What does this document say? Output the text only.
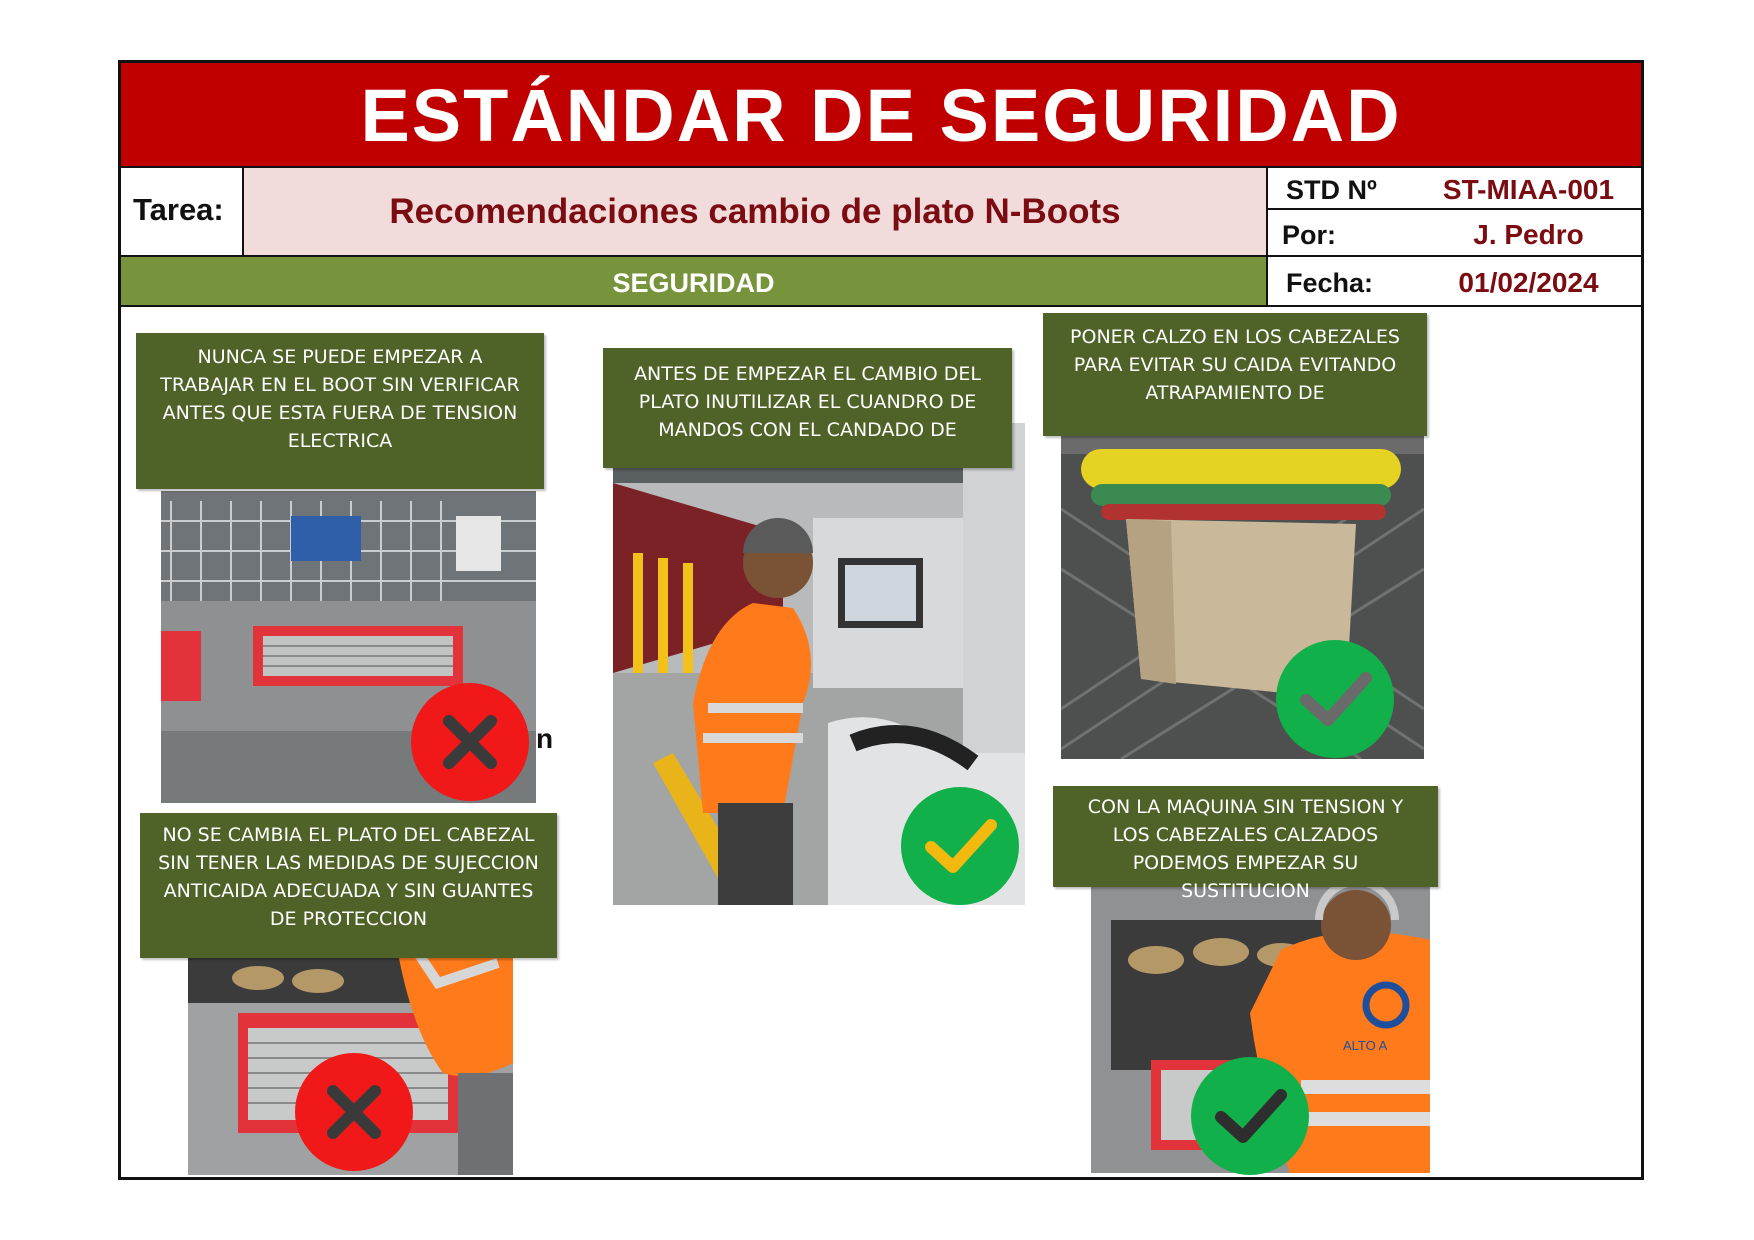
ESTÁNDAR DE SEGURIDAD
Tarea:	Recomendaciones cambio de plato N-Boots
STD Nº	ST-MIAA-001
Por:	J. Pedro
SEGURIDAD	Fecha:	01/02/2024
NUNCA SE PUEDE EMPEZAR A TRABAJAR EN EL BOOT SIN VERIFICAR ANTES QUE ESTA FUERA DE TENSION ELECTRICA
n
ANTES DE EMPEZAR EL CAMBIO DEL PLATO INUTILIZAR EL CUANDRO DE MANDOS CON EL CANDADO DE
PONER CALZO EN LOS CABEZALES PARA EVITAR SU CAIDA EVITANDO ATRAPAMIENTO DE
NO SE CAMBIA EL PLATO DEL CABEZAL SIN TENER LAS MEDIDAS DE SUJECCION ANTICAIDA ADECUADA Y SIN GUANTES DE PROTECCION
ALTO A
CON LA MAQUINA SIN TENSION Y LOS CABEZALES CALZADOS PODEMOS EMPEZAR SU SUSTITUCION
